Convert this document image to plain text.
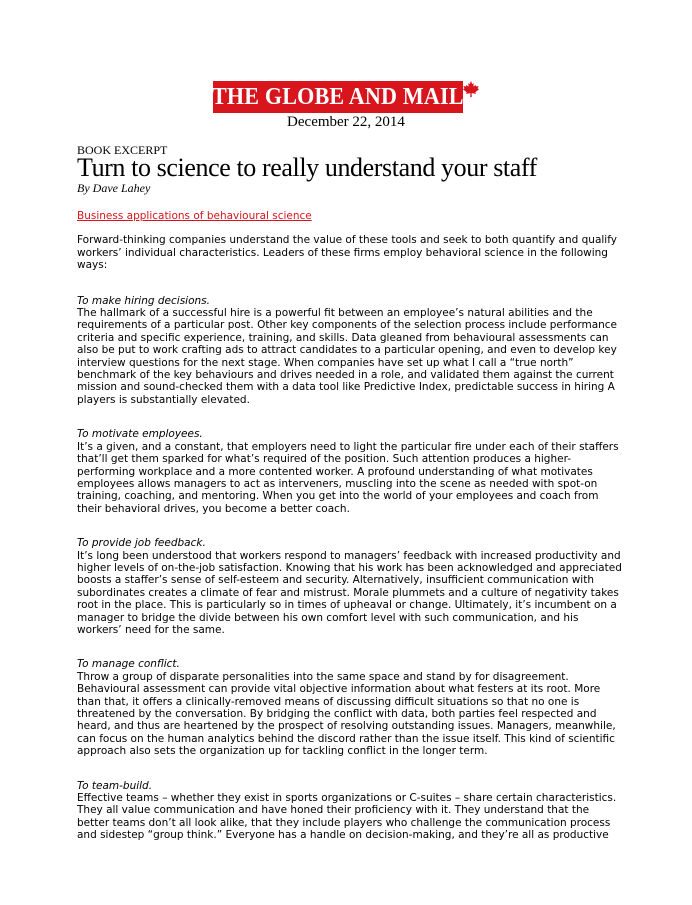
THE GLOBE AND MAIL
December 22, 2014
BOOK EXCERPT
Turn to science to really understand your staff
By Dave Lahey
Business applications of behavioural science

Forward-thinking companies understand the value of these tools and seek to both quantify and qualify workers’ individual characteristics. Leaders of these firms employ behavioral science in the following ways:

To make hiring decisions.

The hallmark of a successful hire is a powerful fit between an employee’s natural abilities and the requirements of a particular post. Other key components of the selection process include performance criteria and specific experience, training, and skills. Data gleaned from behavioural assessments can also be put to work crafting ads to attract candidates to a particular opening, and even to develop key interview questions for the next stage. When companies have set up what I call a “true north” benchmark of the key behaviours and drives needed in a role, and validated them against the current mission and sound-checked them with a data tool like Predictive Index, predictable success in hiring A players is substantially elevated.

To motivate employees.

It’s a given, and a constant, that employers need to light the particular fire under each of their staffers that’ll get them sparked for what’s required of the position. Such attention produces a higher-performing workplace and a more contented worker. A profound understanding of what motivates employees allows managers to act as interveners, muscling into the scene as needed with spot-on training, coaching, and mentoring. When you get into the world of your employees and coach from their behavioral drives, you become a better coach.

To provide job feedback.

It’s long been understood that workers respond to managers’ feedback with increased productivity and higher levels of on-the-job satisfaction. Knowing that his work has been acknowledged and appreciated boosts a staffer’s sense of self-esteem and security. Alternatively, insufficient communication with subordinates creates a climate of fear and mistrust. Morale plummets and a culture of negativity takes root in the place. This is particularly so in times of upheaval or change. Ultimately, it’s incumbent on a manager to bridge the divide between his own comfort level with such communication, and his workers’ need for the same.

To manage conflict.

Throw a group of disparate personalities into the same space and stand by for disagreement. Behavioural assessment can provide vital objective information about what festers at its root. More than that, it offers a clinically-removed means of discussing difficult situations so that no one is threatened by the conversation. By bridging the conflict with data, both parties feel respected and heard, and thus are heartened by the prospect of resolving outstanding issues. Managers, meanwhile, can focus on the human analytics behind the discord rather than the issue itself. This kind of scientific approach also sets the organization up for tackling conflict in the longer term.

To team-build.

Effective teams – whether they exist in sports organizations or C-suites – share certain characteristics. They all value communication and have honed their proficiency with it. They understand that the better teams don’t all look alike, that they include players who challenge the communication process and sidestep “group think.” Everyone has a handle on decision-making, and they’re all as productive
